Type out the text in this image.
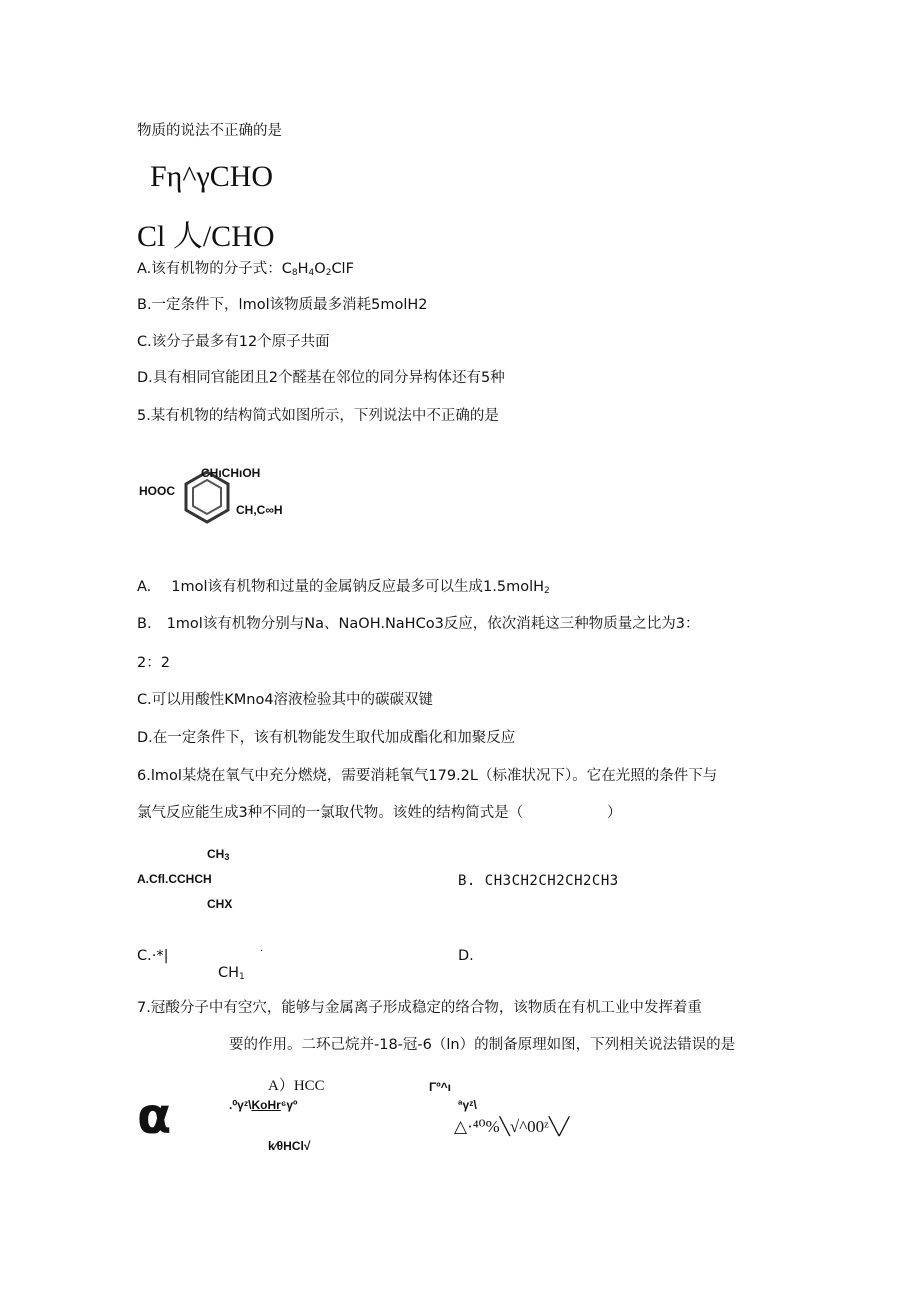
物质的说法不正确的是
Fη^γCHO
Cl 人/CHO
A.该有机物的分子式：$C_8H_4O_2ClF$
B.一定条件下，lmol该物质最多消耗5molH2
C.该分子最多有12个原子共面
D.具有相同官能团且2个醛基在邻位的同分异构体还有5种
5.某有机物的结构简式如图所示，下列说法中不正确的是
HOOC
CHıCHıOH
CH,C∞H
A. 1mol该有机物和过量的金属钠反应最多可以生成1.5molH$_2$
B. 1mol该有机物分别与Na、NaOH.NaHCo3反应，依次消耗这三种物质量之比为3：
2：2
C.可以用酸性KMno4溶液检验其中的碳碳双键
D.在一定条件下，该有机物能发生取代加成酯化和加聚反应
6.lmol某烧在氧气中充分燃烧，需要消耗氧气179.2L（标准状况下）。它在光照的条件下与
氯气反应能生成3种不同的一氯取代物。该姓的结构简式是（	）
$CH_3$
A.Cfl.CCHCH
CHX
B. CH3CH2CH2CH2CH3
C.·*|	·
$CH_1$
D.
7.冠酸分子中有空穴，能够与金属离子形成稳定的络合物，该物质在有机工业中发挥着重
要的作用。二环己烷并-18-冠-6（ln）的制备原理如图，下列相关说法错误的是
α
A）HCC
.⁰γᶻ\KoHr⁶γº
k⁄θHCl√
Γº^ı
ªγᶻ\
△·⁴⁰%╲√^00ᶻ╲╱
